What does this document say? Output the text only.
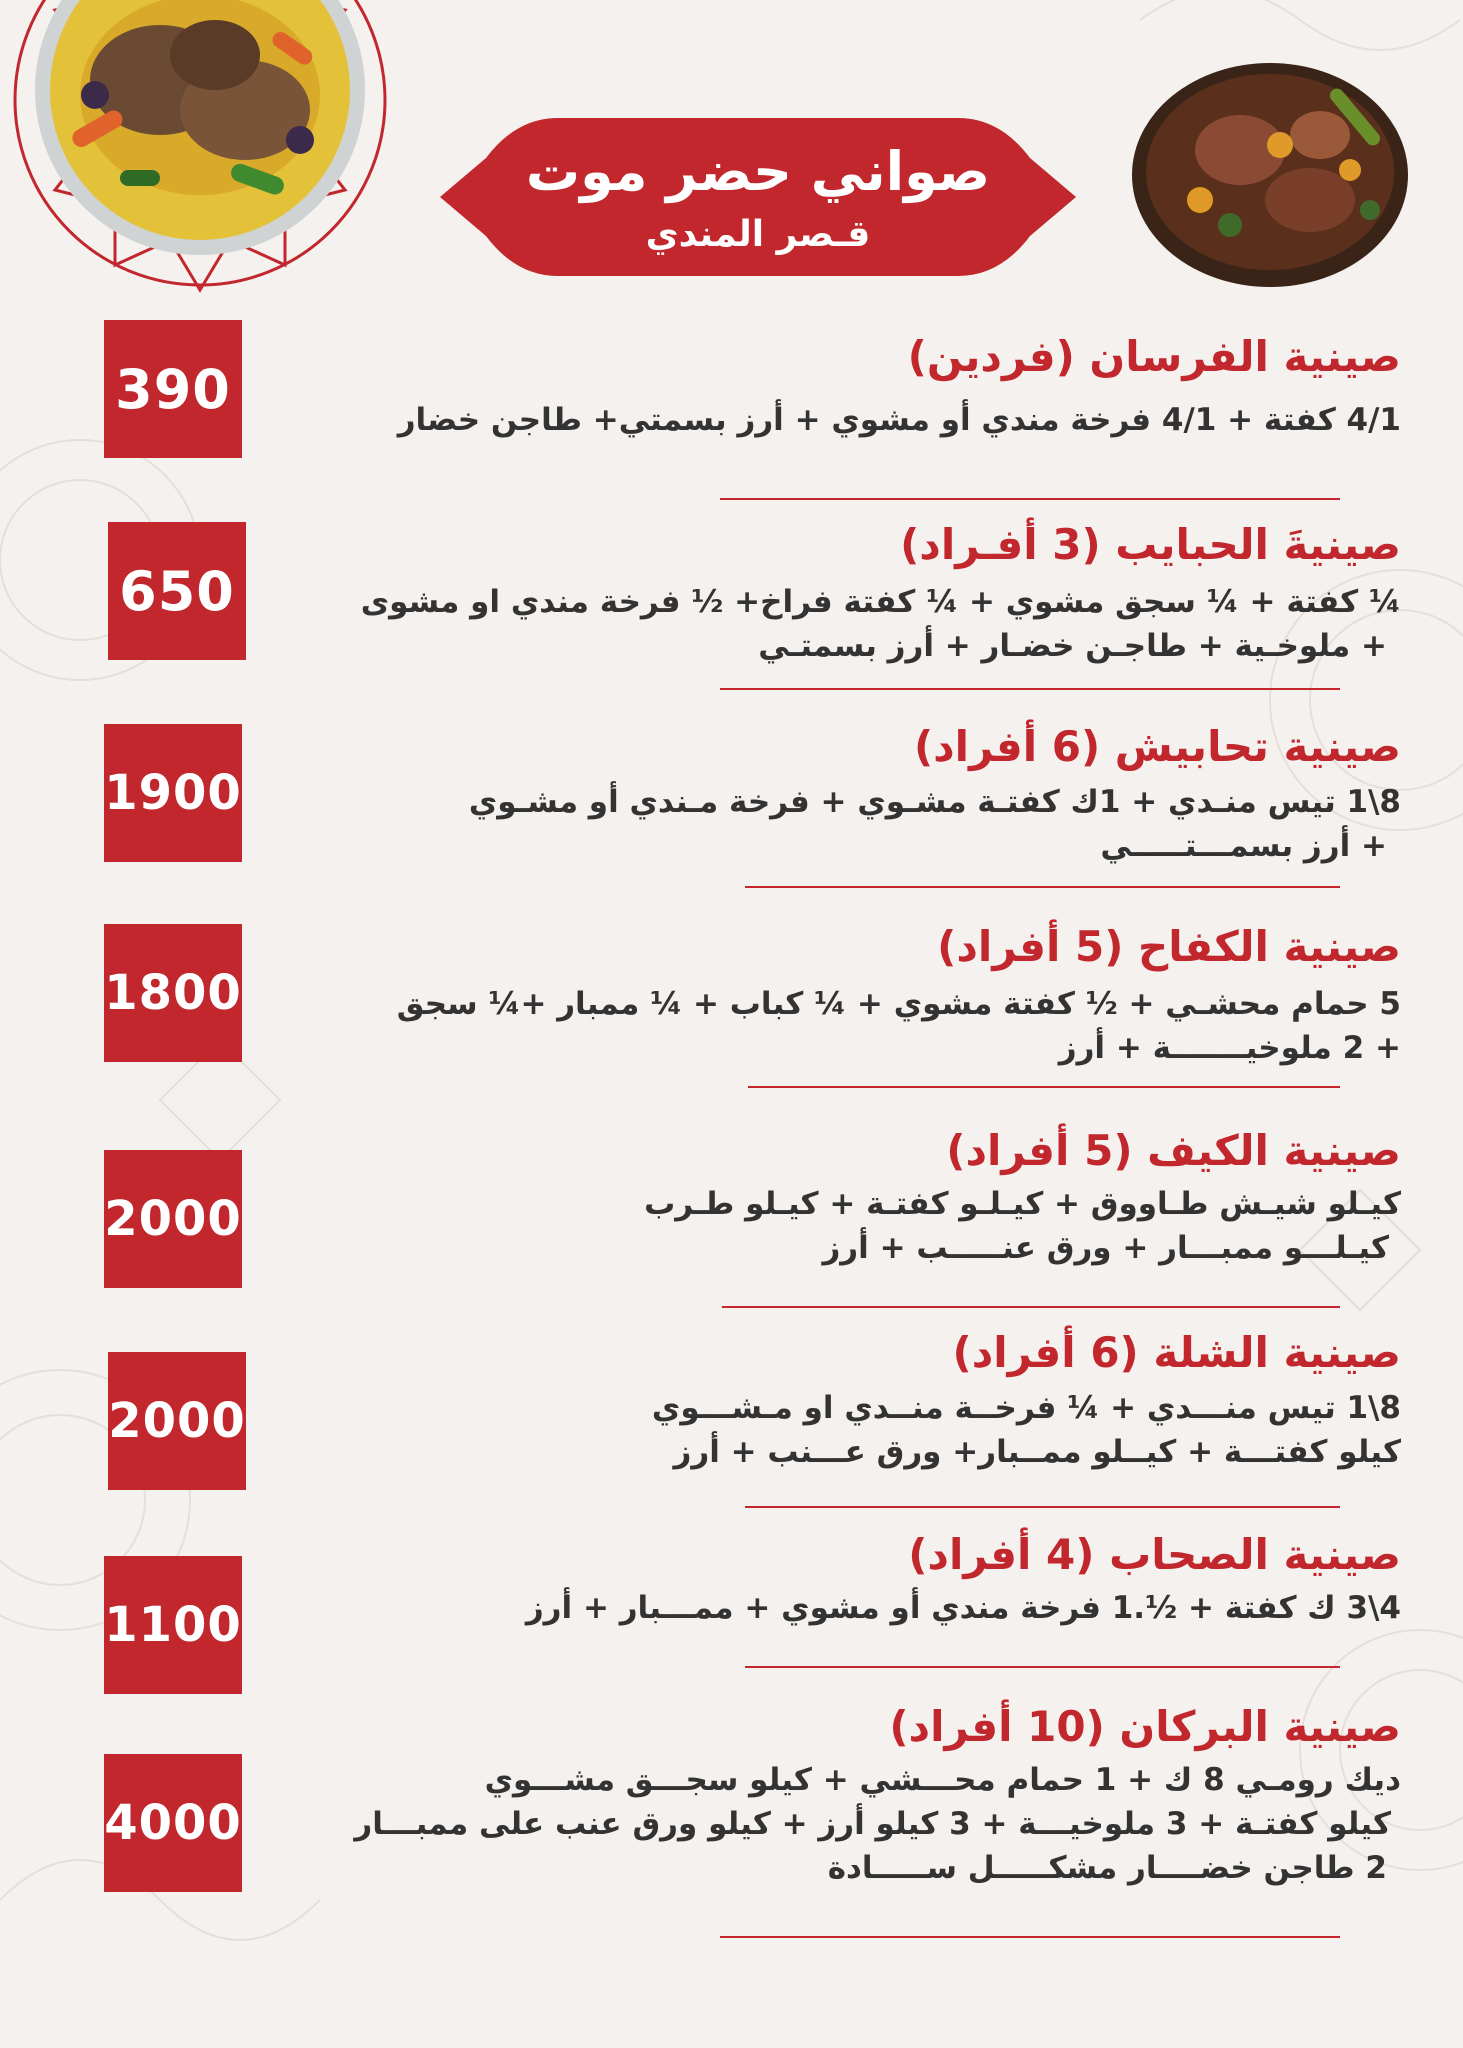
صواني حضر موت
قـصر المندي
390
صينية الفرسان (فردين)
4/1 كفتة + 4/1 فرخة مندي أو مشوي + أرز بسمتي+ طاجن خضار
650
صينيةَ الحبايب (3 أفـراد)
¼ كفتة + ¼ سجق مشوي + ¼ كفتة فراخ+ ½ فرخة مندي او مشوى
+ ملوخـية + طاجـن خضـار + أرز بسمتـي
1900
صينية تحابيش (6 أفراد)
8\1 تيس منـدي + 1ك كفتـة مشـوي + فرخة مـندي أو مشـوي
+ أرز بسمـــتـــــي
1800
صينية الكفاح (5 أفراد)
5 حمام محشـي + ½ كفتة مشوي + ¼ كباب + ¼ ممبار +¼ سجق
+ 2 ملوخيـــــــة + أرز
2000
صينية الكيف (5 أفراد)
كيـلو شيـش طـاووق + كيـلـو كفتـة + كيـلو طـرب
كيـلـــو ممبـــار + ورق عنـــــب + أرز
2000
صينية الشلة (6 أفراد)
8\1 تيس منـــدي + ¼ فرخــة منــدي او مـشـــوي
كيلو كفتـــة + كيــلو ممــبار+ ورق عـــنب + أرز
1100
صينية الصحاب (4 أفراد)
4\3 ك كفتة + ½.1 فرخة مندي أو مشوي + ممـــبار + أرز
4000
صينية البركان (10 أفراد)
ديك رومـي 8 ك + 1 حمام محـــشي + كيلو سجـــق مشـــوي
كيلو كفتـة + 3 ملوخيـــة + 3 كيلو أرز + كيلو ورق عنب على ممبـــار
2 طاجن خضــــار مشكـــــل ســـــادة
